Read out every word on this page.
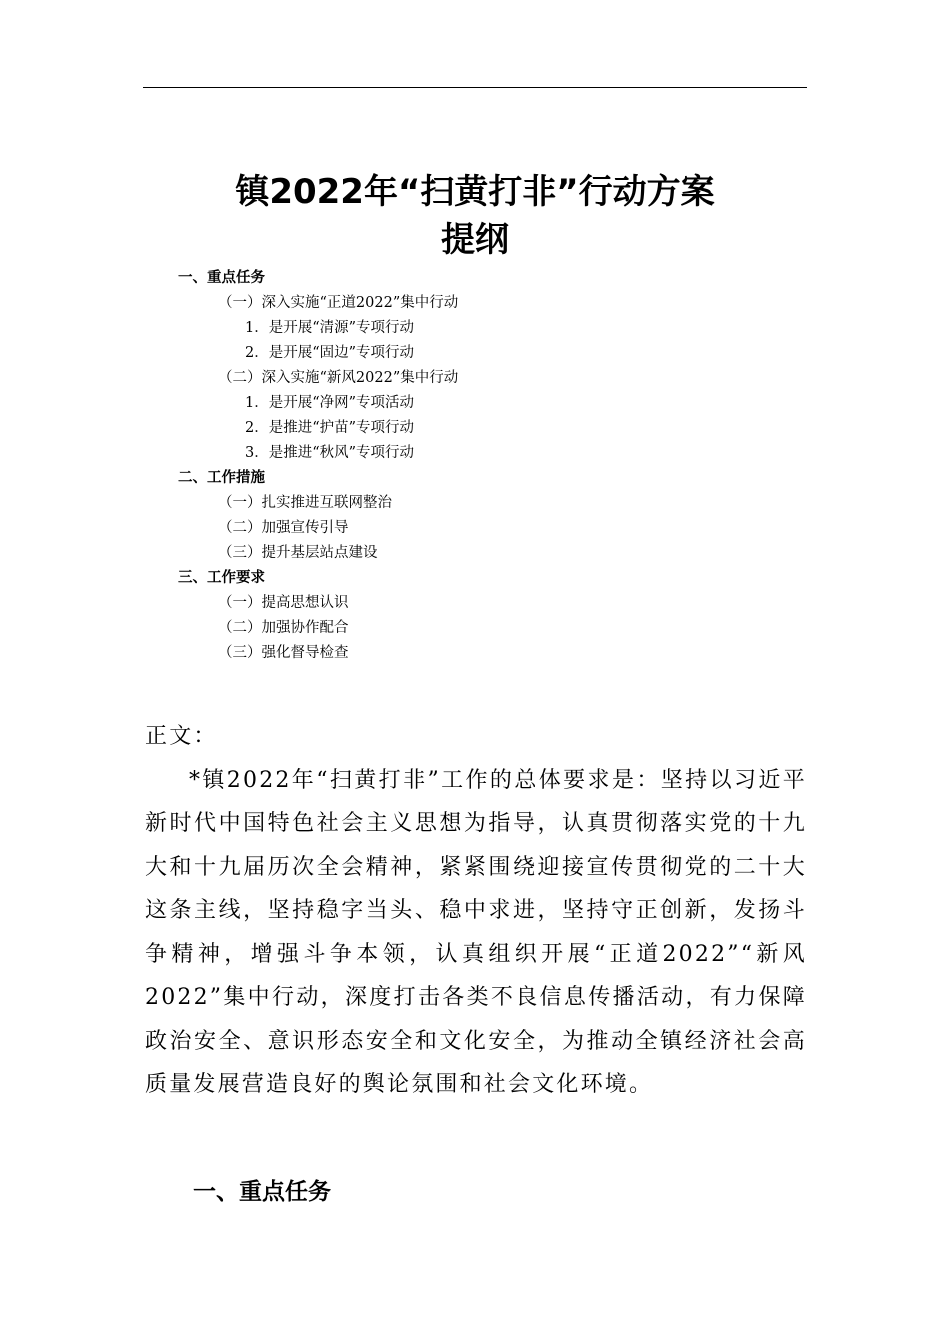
镇2022年“扫黄打非”行动方案
提纲
一、重点任务
（一）深入实施“正道2022”集中行动
1．是开展“清源”专项行动
2．是开展“固边”专项行动
（二）深入实施“新风2022”集中行动
1．是开展“净网”专项活动
2．是推进“护苗”专项行动
3．是推进“秋风”专项行动
二、工作措施
（一）扎实推进互联网整治
（二）加强宣传引导
（三）提升基层站点建设
三、工作要求
（一）提高思想认识
（二）加强协作配合
（三）强化督导检查

正文：

*镇2022年“扫黄打非”工作的总体要求是：坚持以习近平新时代中国特色社会主义思想为指导，认真贯彻落实党的十九大和十九届历次全会精神，紧紧围绕迎接宣传贯彻党的二十大这条主线，坚持稳字当头、稳中求进，坚持守正创新，发扬斗争精神，增强斗争本领，认真组织开展“正道2022”“新风2022”集中行动，深度打击各类不良信息传播活动，有力保障政治安全、意识形态安全和文化安全，为推动全镇经济社会高质量发展营造良好的舆论氛围和社会文化环境。

一、重点任务
